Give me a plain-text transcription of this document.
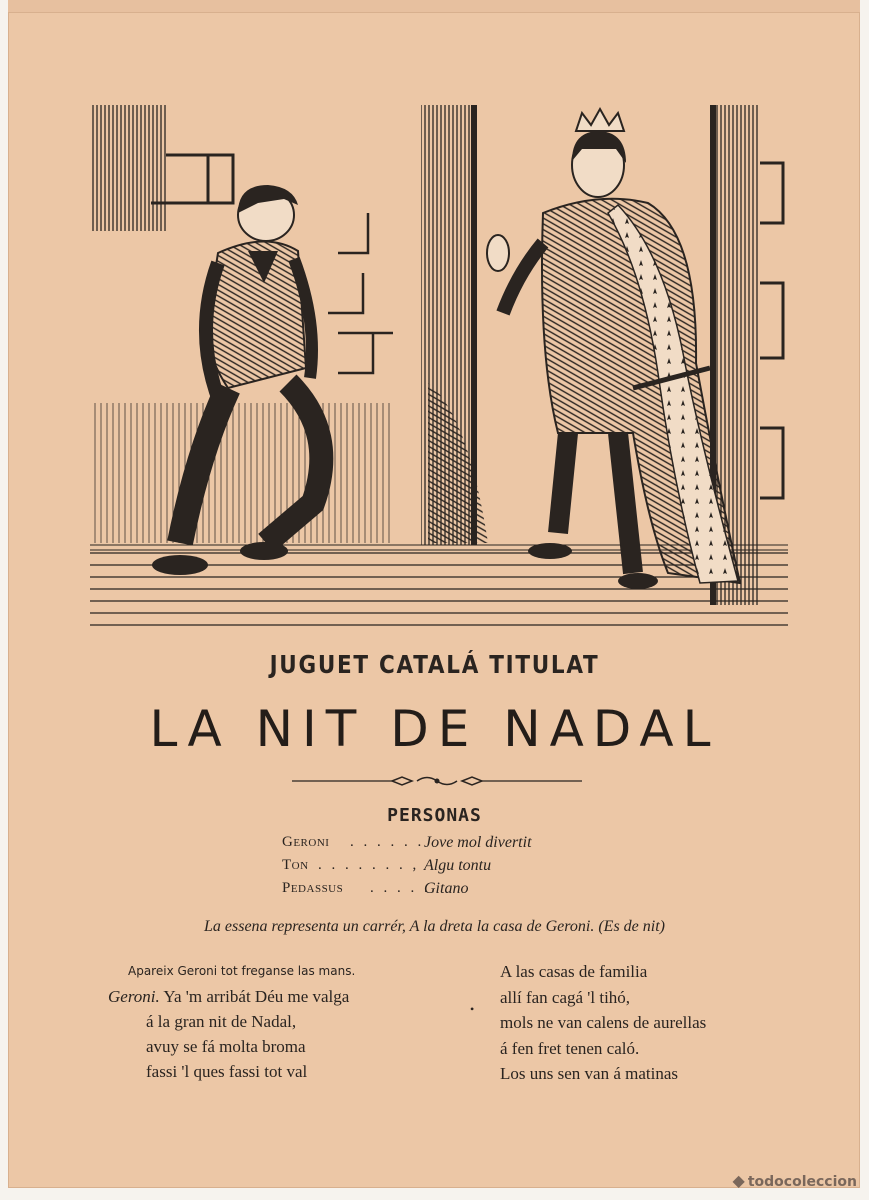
JUGUET CATALÁ TITULAT
LA NIT DE NADAL
PERSONAS
Geroni . . . . . . Jove mol divertit
Ton . . . . . . . , Algu tontu
Pedassus . . . . .
Gitano
La essena representa un carrér, A la dreta la casa de Geroni. (Es de nit)
Apareix Geroni tot freganse las mans.
Geroni. Ya 'm arribát Déu me valga
á la gran nit de Nadal,
avuy se fá molta broma
fassi 'l ques fassi tot val
•
A las casas de familia
allí fan cagá 'l tihó,
mols ne van calens de aurellas
á fen fret tenen caló.
Los uns sen van á matinas
◆ todocoleccion
